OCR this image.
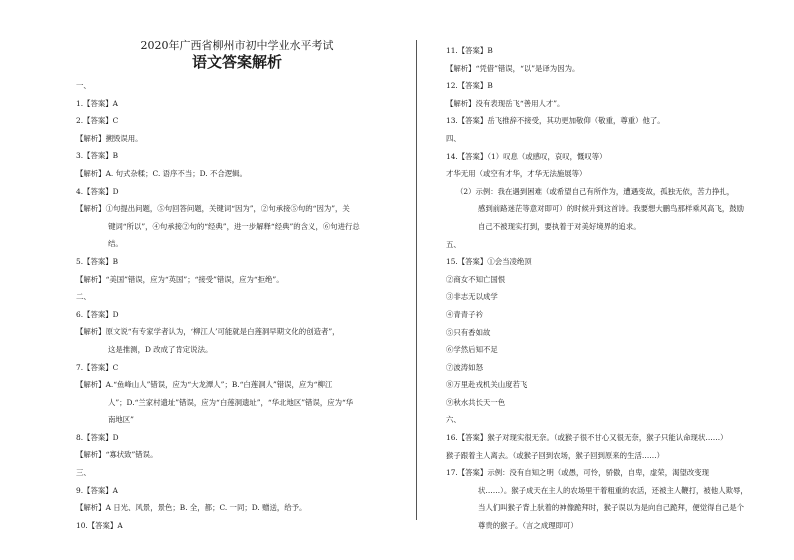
2020年广西省柳州市初中学业水平考试
语文答案解析
一、
1.【答案】A
2.【答案】C
【解析】搠毁误用。
3.【答案】B
【解析】A. 句式杂糅；C. 语序不当；D. 不合逻辑。
4.【答案】D
【解析】①句提出问题，⑤句回答问题，关键词“因为”，②句承接⑤句的“因为”，关
键词“所以”，④句承接②句的“经典”，进一步解释“经典”的含义，⑥句进行总
结。
5.【答案】B
【解析】“美国”错误，应为“英国”；“接受”错误，应为“拒绝”。
二、
6.【答案】D
【解析】原文说“有专家学者认为，‘柳江人’可能就是白莲洞早期文化的创造者”，
这是推测，D 改成了肯定说法。
7.【答案】C
【解析】A.“鱼峰山人”错误，应为“大龙潭人”；B.“白莲洞人”错误，应为“柳江
人”；D.“兰家村遗址”错误，应为“白莲洞遗址”，“华北地区”错误，应为“华
南地区”
8.【答案】D
【解析】“寡状致”错误。
三、
9.【答案】A
【解析】A 日光、风景，景色；B. 全，都；C. 一同；D. 赠送，给予。
10.【答案】A
11.【答案】B
【解析】“凭借”错误，“以”是译为因为。
12.【答案】B
【解析】没有表现岳飞“善用人才”。
13.【答案】岳飞推辞不接受，其功更加敬仰（敬重，尊重）他了。
四、
14.【答案】（1）叹息（或感叹，哀叹，慨叹等）
才华无用（或空有才华，才华无法施展等）
（2）示例：我在遇到困难（或希望自己有所作为，遭遇变故，孤独无依，苦力挣扎，
感到前路迷茫等意对即可）的时候升到这首诗。我要想大鹏鸟那样乘风高飞，鼓励
自己不被现实打到，要执着于对美好境界的追求。
五、
15.【答案】①会当凌绝顶
②商女不知亡国恨
③非志无以成学
④青青子衿
⑤只有香如故
⑥学然后知不足
⑦波涛如怒
⑧万里赴戎机关山度若飞
⑨秋水共长天一色
六、
16.【答案】猴子对现实很无奈。（或猴子很不甘心又很无奈，猴子只能认命现状……）
猴子跟着主人离去。（或猴子回到农场，猴子回到原来的生活……）
17.【答案】示例：没有自知之明（或愚，可怜，骄傲，自卑，虚荣，渴望改变现
状……）。猴子成天在主人的农场里干着粗重的农活，还被主人鞭打，被他人欺辱，
当人们叫猴子背上驮着的神像跪拜时，猴子误以为是向自己跪拜，便觉得自己是个
尊贵的猴子。（言之成理即可）
